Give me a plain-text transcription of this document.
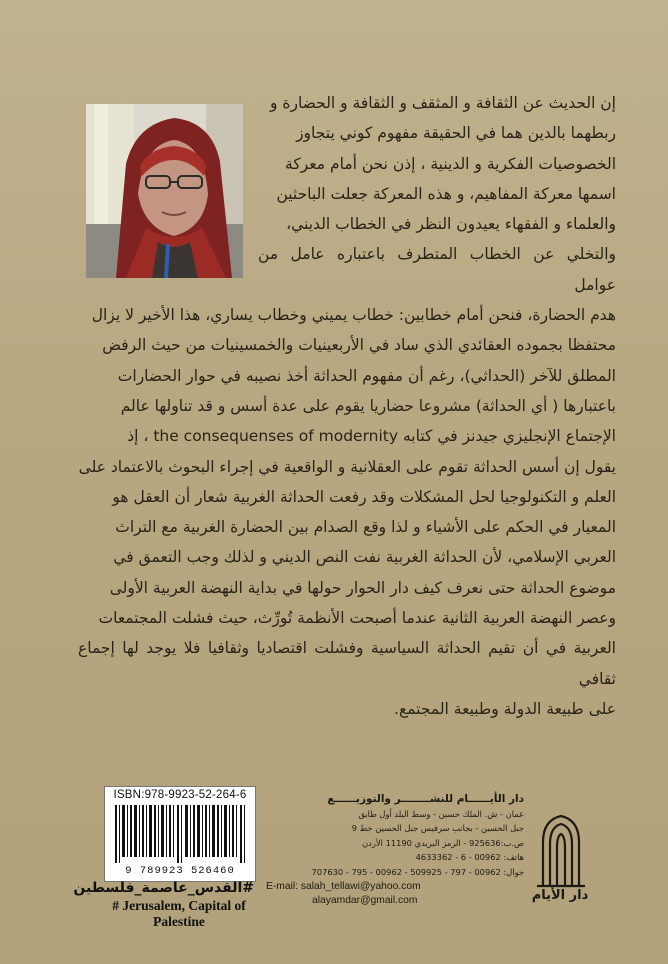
إن الحديث عن الثقافة و المثقف و الثقافة و الحضارة و
ربطهما بالدين هما في الحقيقة مفهوم كوني يتجاوز
الخصوصيات الفكرية و الدينية ، إذن نحن أمام معركة
اسمها معركة المفاهيم، و هذه المعركة جعلت الباحثين
والعلماء و الفقهاء يعيدون النظر في الخطاب الديني،
والتخلي عن الخطاب المتطرف باعتباره عامل من عوامل
هدم الحضارة، فنحن أمام خطابين: خطاب يميني وخطاب يساري، هذا الأخير لا يزال
محتفظا بجموده العقائدي الذي ساد في الأربعينيات والخمسينيات من حيث الرفض
المطلق للآخر (الحداثي)، رغم أن مفهوم الحداثة أخذ نصيبه في حوار الحضارات
باعتبارها ( أي الحداثة) مشروعا حضاريا يقوم على عدة أسس و قد تناولها عالم
الإجتماع الإنجليزي جيدنز في كتابه the consequenses of modernity ، إذ
يقول إن أسس الحداثة تقوم على العقلانية و الواقعية في إجراء البحوث بالاعتماد على
العلم و التكنولوجيا لحل المشكلات وقد رفعت الحداثة الغربية شعار أن العقل هو
المعيار في الحكم على الأشياء و لذا وقع الصدام بين الحضارة الغربية مع التراث
العربي الإسلامي، لأن الحداثة الغربية نفت النص الديني و لذلك وجب التعمق في
موضوع الحداثة حتى نعرف كيف دار الحوار حولها في بداية النهضة العربية الأولى
وعصر النهضة العربية الثانية عندما أصبحت الأنظمة تُورِّث، حيث فشلت المجتمعات
العربية في أن تقيم الحداثة السياسية وفشلت اقتصاديا وثقافيا فلا يوجد لها إجماع ثقافي
على طبيعة الدولة وطبيعة المجتمع.
ISBN:978-9923-52-264-6
9 789923 526460
#القدس_عاصمة_فلسطين
# Jerusalem, Capital of Palestine
دار الأيــــــام للنشــــــــر والتوزيــــــع
عمان - ش. الملك حسين - وسط البلد أول طابق
جبل الحسين - بجانب سرفيس جبل الحسين خط 9
ص.ب:925636 - الرمز البريدي 11190 الأردن
هاتف: 00962 - 6 - 4633362
جوال: 00962 - 797 - 509925 - 00962 - 795 - 707630
E-mail: salah_tellawi@yahoo.com
alayamdar@gmail.com	دار الأيام
